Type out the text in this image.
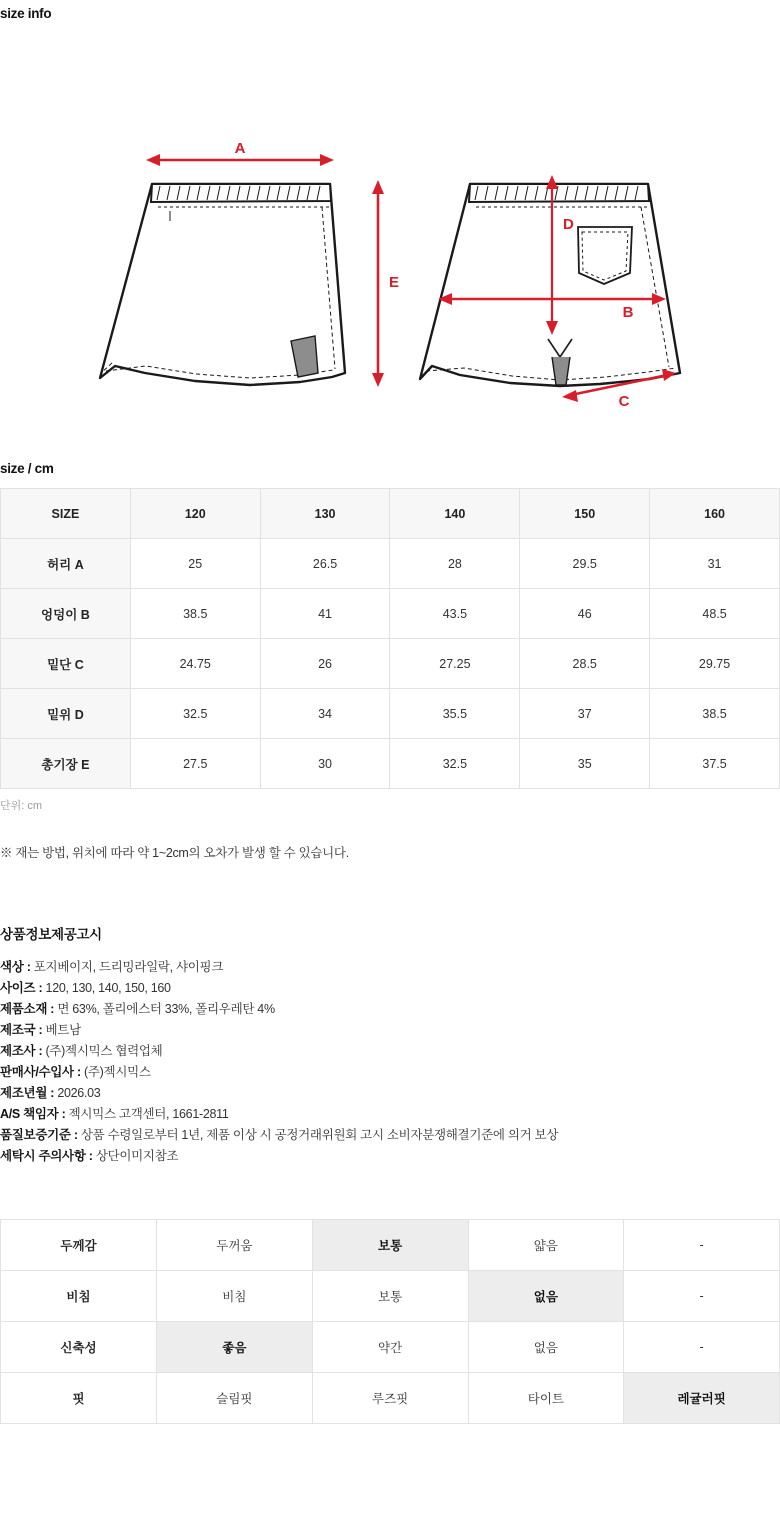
size info
A
E
D
B
C
size / cm
SIZE	120	130	140	150	160
허리 A	25	26.5	28	29.5	31
엉덩이 B	38.5	41	43.5	46	48.5
밑단 C	24.75	26	27.25	28.5	29.75
밑위 D	32.5	34	35.5	37	38.5
총기장 E	27.5	30	32.5	35	37.5
단위: cm
※ 재는 방법, 위치에 따라 약 1~2cm의 오차가 발생 할 수 있습니다.
상품정보제공고시
색상 : 포지베이지, 드리밍라일락, 샤이핑크
사이즈 : 120, 130, 140, 150, 160
제품소재 : 면 63%, 폴리에스터 33%, 폴리우레탄 4%
제조국 : 베트남
제조사 : (주)젝시믹스 협력업체
판매사/수입사 : (주)젝시믹스
제조년월 : 2026.03
A/S 책임자 : 젝시믹스 고객센터, 1661-2811
품질보증기준 : 상품 수령일로부터 1년, 제품 이상 시 공정거래위원회 고시 소비자분쟁해결기준에 의거 보상
세탁시 주의사항 : 상단이미지참조
두께감	두꺼움	보통	얇음	-
비침	비침	보통	없음	-
신축성	좋음	약간	없음	-
핏	슬림핏	루즈핏	타이트	레귤러핏
